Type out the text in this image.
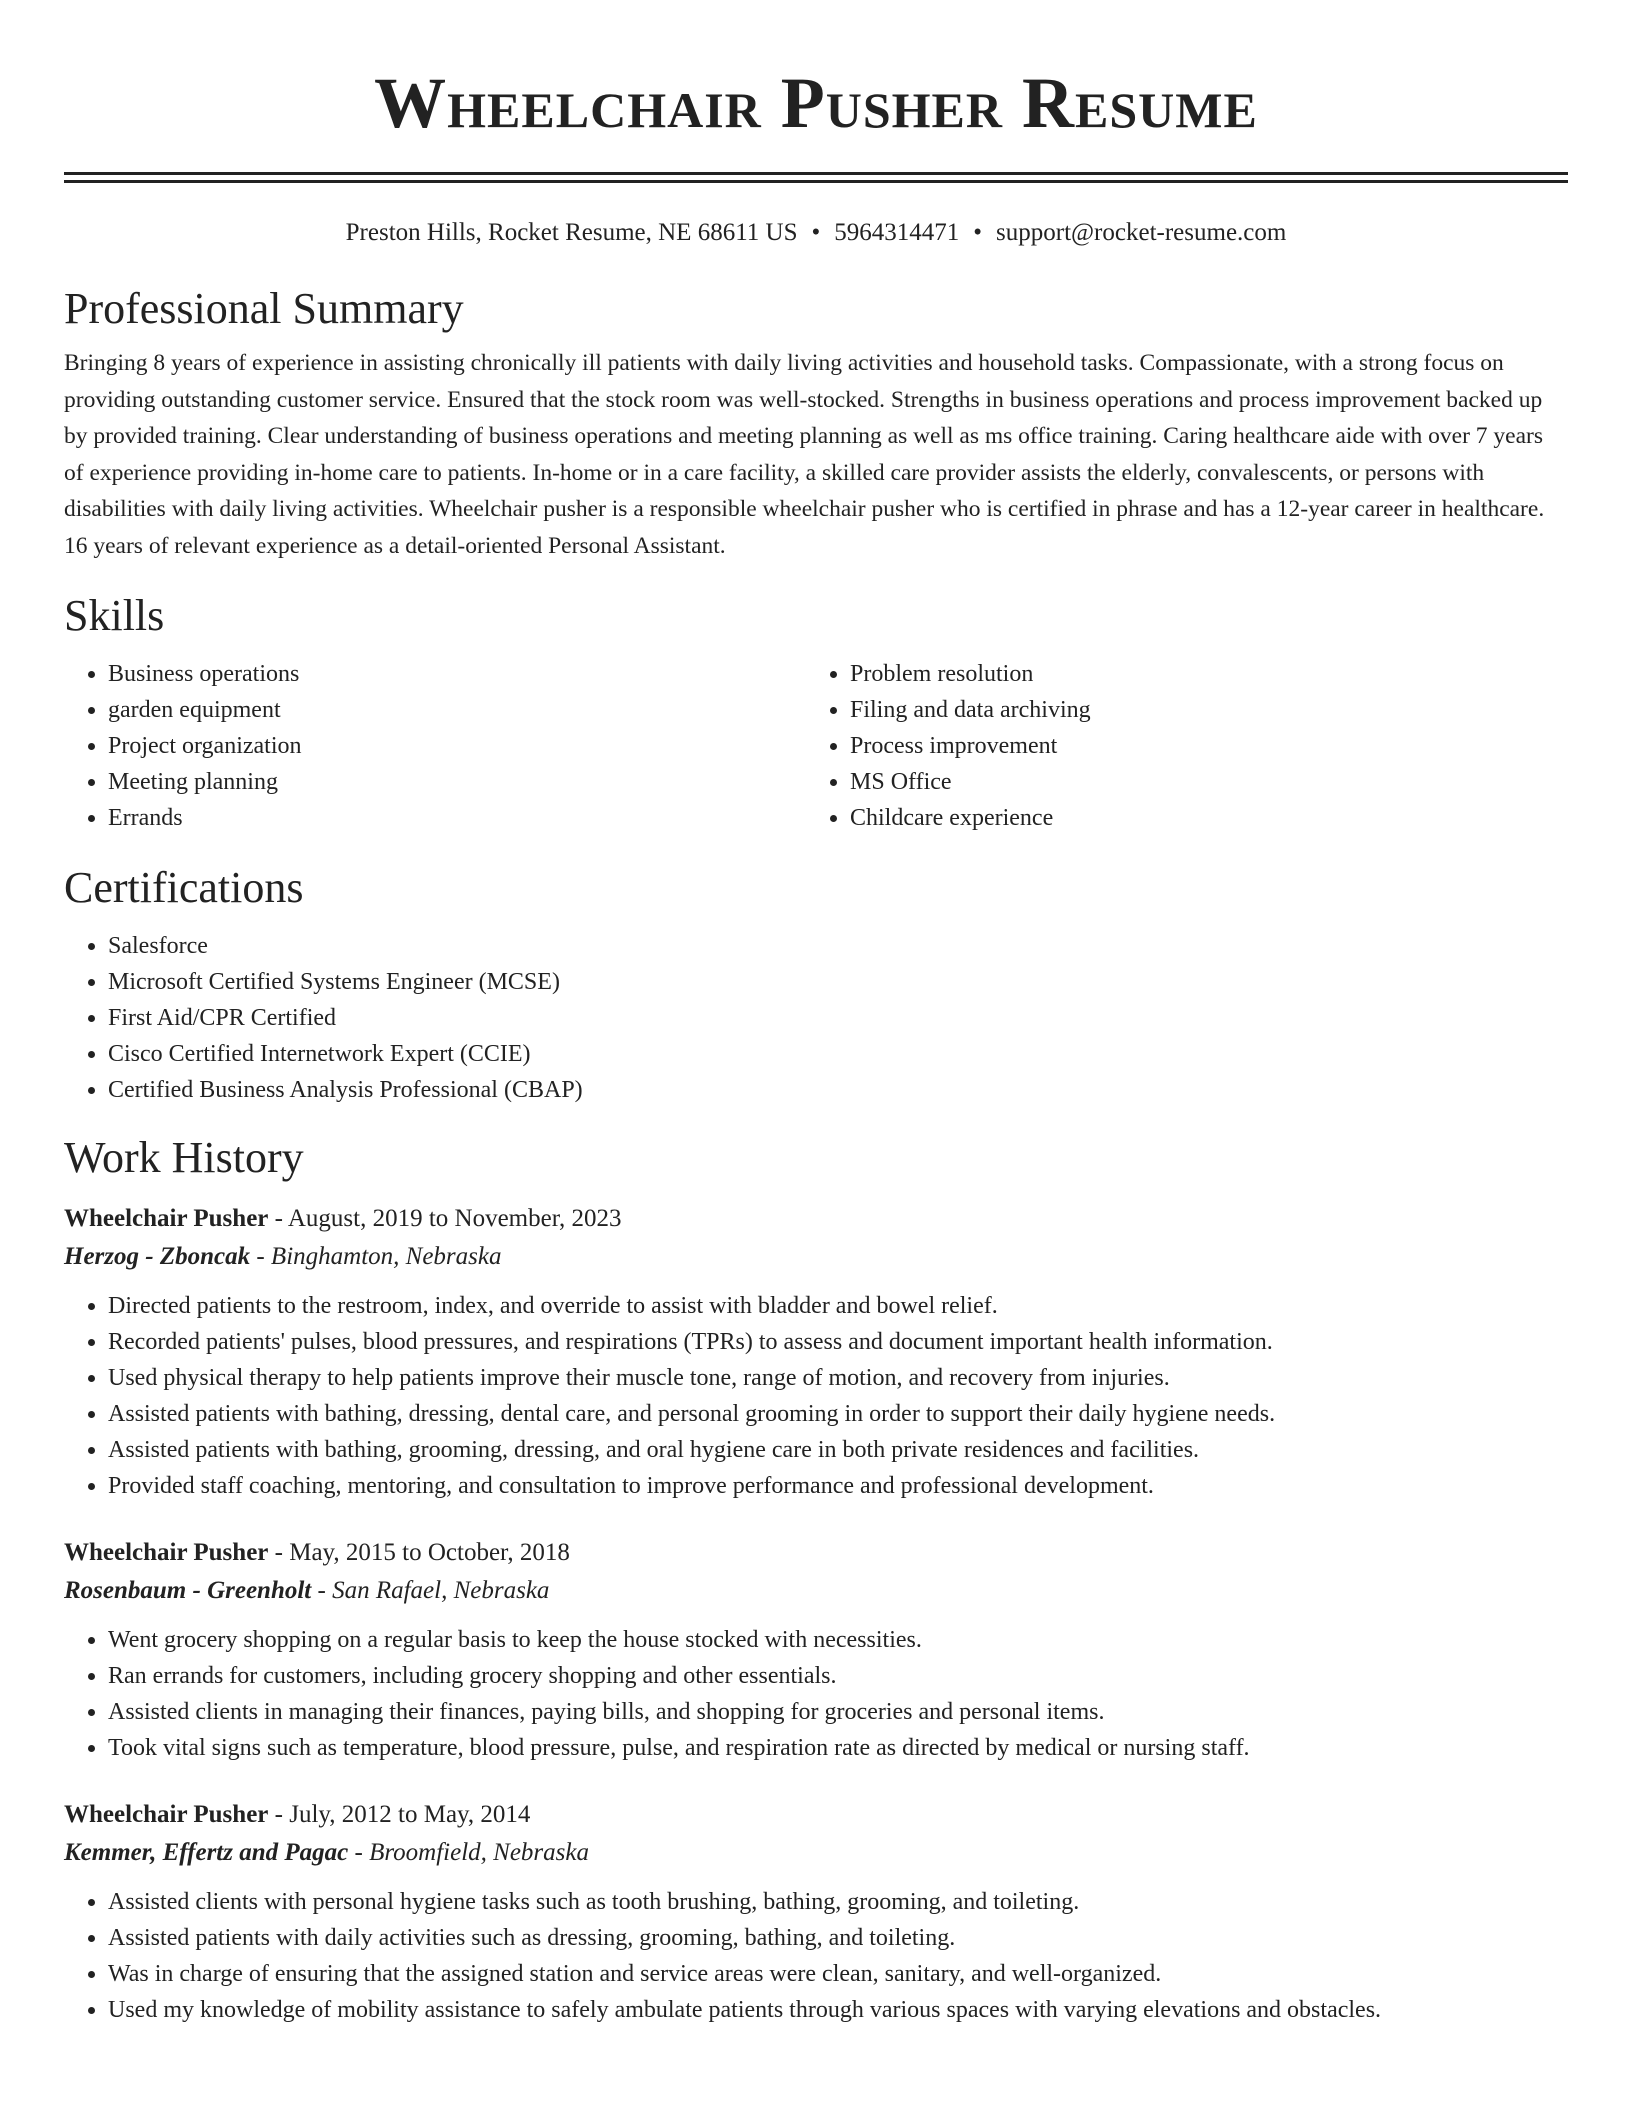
Wheelchair Pusher Resume
Preston Hills, Rocket Resume, NE 68611 US • 5964314471 • support@rocket-resume.com
Professional Summary

Bringing 8 years of experience in assisting chronically ill patients with daily living activities and household tasks. Compassionate, with a strong focus on providing outstanding customer service. Ensured that the stock room was well-stocked. Strengths in business operations and process improvement backed up by provided training. Clear understanding of business operations and meeting planning as well as ms office training. Caring healthcare aide with over 7 years of experience providing in-home care to patients. In-home or in a care facility, a skilled care provider assists the elderly, convalescents, or persons with disabilities with daily living activities. Wheelchair pusher is a responsible wheelchair pusher who is certified in phrase and has a 12-year career in healthcare. 16 years of relevant experience as a detail-oriented Personal Assistant.

Skills
• Business operations
• garden equipment
• Project organization
• Meeting planning
• Errands
• Problem resolution
• Filing and data archiving
• Process improvement
• MS Office
• Childcare experience
Certifications
• Salesforce
• Microsoft Certified Systems Engineer (MCSE)
• First Aid/CPR Certified
• Cisco Certified Internetwork Expert (CCIE)
• Certified Business Analysis Professional (CBAP)
Work History
Wheelchair Pusher - August, 2019 to November, 2023
Herzog - Zboncak - Binghamton, Nebraska
• Directed patients to the restroom, index, and override to assist with bladder and bowel relief.
• Recorded patients' pulses, blood pressures, and respirations (TPRs) to assess and document important health information.
• Used physical therapy to help patients improve their muscle tone, range of motion, and recovery from injuries.
• Assisted patients with bathing, dressing, dental care, and personal grooming in order to support their daily hygiene needs.
• Assisted patients with bathing, grooming, dressing, and oral hygiene care in both private residences and facilities.
• Provided staff coaching, mentoring, and consultation to improve performance and professional development.
Wheelchair Pusher - May, 2015 to October, 2018
Rosenbaum - Greenholt - San Rafael, Nebraska
• Went grocery shopping on a regular basis to keep the house stocked with necessities.
• Ran errands for customers, including grocery shopping and other essentials.
• Assisted clients in managing their finances, paying bills, and shopping for groceries and personal items.
• Took vital signs such as temperature, blood pressure, pulse, and respiration rate as directed by medical or nursing staff.
Wheelchair Pusher - July, 2012 to May, 2014
Kemmer, Effertz and Pagac - Broomfield, Nebraska
• Assisted clients with personal hygiene tasks such as tooth brushing, bathing, grooming, and toileting.
• Assisted patients with daily activities such as dressing, grooming, bathing, and toileting.
• Was in charge of ensuring that the assigned station and service areas were clean, sanitary, and well-organized.
• Used my knowledge of mobility assistance to safely ambulate patients through various spaces with varying elevations and obstacles.
